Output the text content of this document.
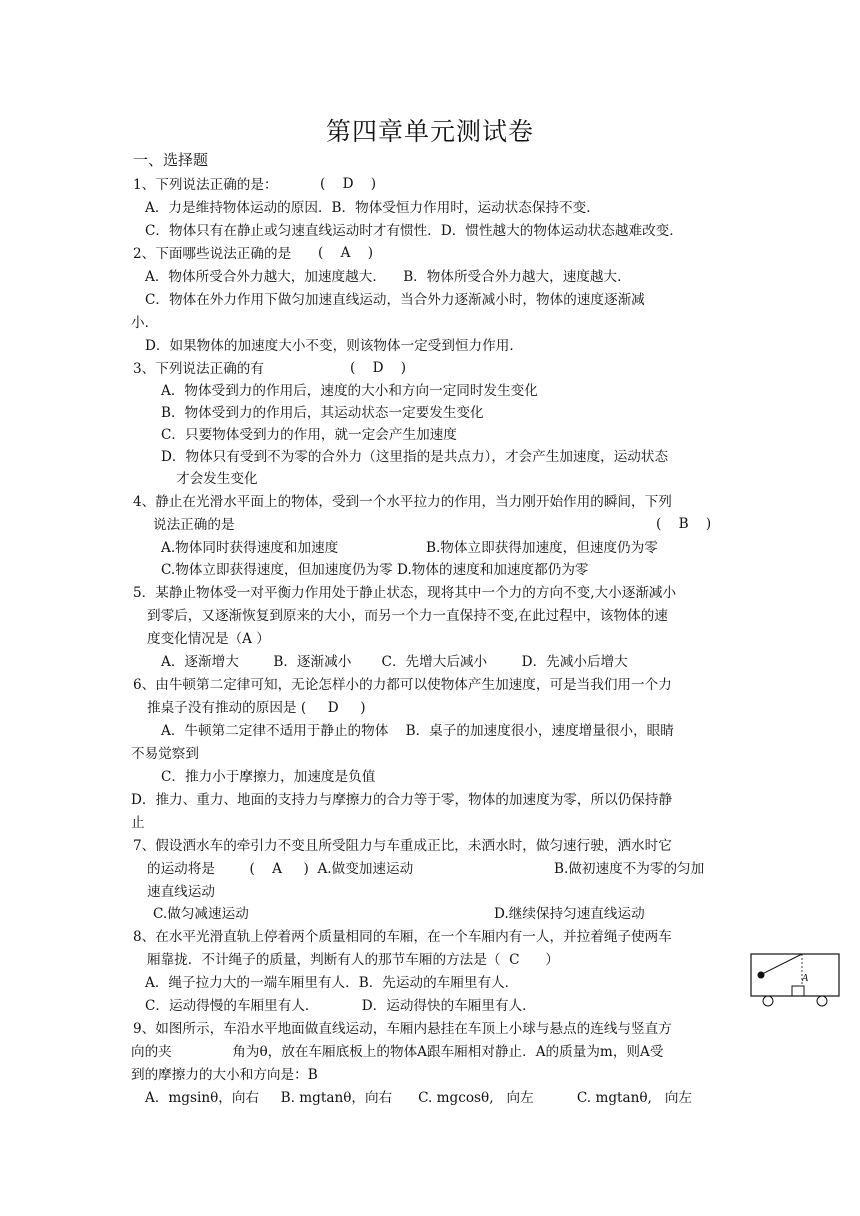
第四章单元测试卷
一、选择题
1、下列说法正确的是：	(    D    )
A．力是维持物体运动的原因．B．物体受恒力作用时，运动状态保持不变．
C．物体只有在静止或匀速直线运动时才有惯性．D．惯性越大的物体运动状态越难改变．
2、下面哪些说法正确的是 (    A    )
A．物体所受合外力越大，加速度越大．    B．物体所受合外力越大，速度越大．
C．物体在外力作用下做匀加速直线运动，当合外力逐渐减小时，物体的速度逐渐减
小．
D．如果物体的加速度大小不变，则该物体一定受到恒力作用．
3、下列说法正确的有	(    D    )
A．物体受到力的作用后，速度的大小和方向一定同时发生变化
B．物体受到力的作用后，其运动状态一定要发生变化
C．只要物体受到力的作用，就一定会产生加速度
D．物体只有受到不为零的合外力（这里指的是共点力），才会产生加速度，运动状态
才会发生变化
4、静止在光滑水平面上的物体，受到一个水平拉力的作用，当力刚开始作用的瞬间，下列
说法正确的是	(    B    )
A.物体同时获得速度和加速度	B.物体立即获得加速度，但速度仍为零
C.物体立即获得速度，但加速度仍为零 D.物体的速度和加速度都仍为零
5．某静止物体受一对平衡力作用处于静止状态，现将其中一个力的方向不变,大小逐渐减小
到零后，又逐渐恢复到原来的大小，而另一个力一直保持不变,在此过程中，该物体的速
度变化情况是（A ）
A．逐渐增大        B．逐渐减小       C．先增大后减小        D．先减小后增大
6、由牛顿第二定律可知，无论怎样小的力都可以使物体产生加速度，可是当我们用一个力
推桌子没有推动的原因是 (     D     )
A．牛顿第二定律不适用于静止的物体    B．桌子的加速度很小，速度增量很小，眼睛
不易觉察到
C．推力小于摩擦力，加速度是负值
D．推力、重力、地面的支持力与摩擦力的合力等于零，物体的加速度为零，所以仍保持静
止
7、假设洒水车的牵引力不变且所受阻力与车重成正比，未洒水时，做匀速行驶，洒水时它
的运动将是        (    A     )  A.做变加速运动	B.做初速度不为零的匀加
速直线运动
C.做匀减速运动	D.继续保持匀速直线运动
8、在水平光滑直轨上停着两个质量相同的车厢，在一个车厢内有一人，并拉着绳子使两车
厢靠拢．不计绳子的质量，判断有人的那节车厢的方法是（  C      ）
A．绳子拉力大的一端车厢里有人．B．先运动的车厢里有人．
C．运动得慢的车厢里有人．          D．运动得快的车厢里有人．
9、如图所示，车沿水平地面做直线运动，车厢内悬挂在车顶上小球与悬点的连线与竖直方
向的夹              角为θ，放在车厢底板上的物体A跟车厢相对静止．A的质量为m，则A受
到的摩擦力的大小和方向是：B
A．mgsinθ，向右     B. mgtanθ，向右      C. mgcosθ,   向左          C. mgtanθ,   向左
A
